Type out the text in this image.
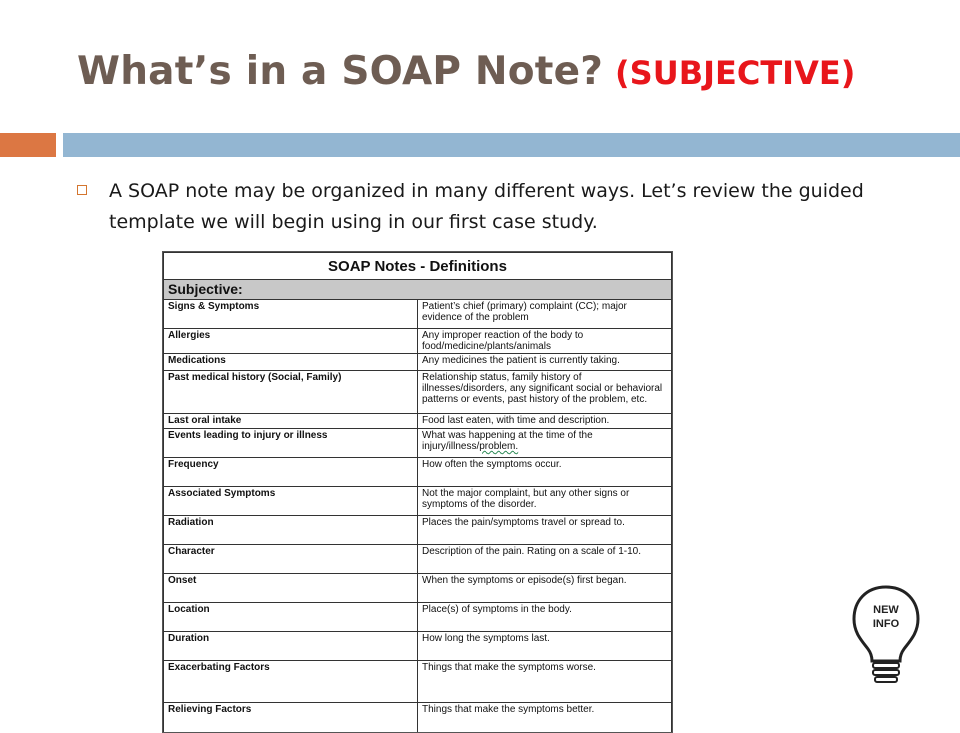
What’s in a SOAP Note? (SUBJECTIVE)
A SOAP note may be organized in many different ways. Let’s review the guided template we will begin using in our first case study.
SOAP Notes - Definitions	
Subjective:	
Signs & Symptoms	Patient’s chief (primary) complaint (CC); major evidence of the problem
Allergies	Any improper reaction of the body to food/medicine/plants/animals
Medications	Any medicines the patient is currently taking.
Past medical history (Social, Family)	Relationship status, family history of illnesses/disorders, any significant social or behavioral patterns or events, past history of the problem, etc.
Last oral intake	Food last eaten, with time and description.
Events leading to injury or illness	What was happening at the time of the injury/illness/problem.
Frequency	How often the symptoms occur.
Associated Symptoms	Not the major complaint, but any other signs or symptoms of the disorder.
Radiation	Places the pain/symptoms travel or spread to.
Character	Description of the pain. Rating on a scale of 1-10.
Onset	When the symptoms or episode(s) first began.
Location	Place(s) of symptoms in the body.
Duration	How long the symptoms last.
Exacerbating Factors	Things that make the symptoms worse.
Relieving Factors	Things that make the symptoms better.
NEW
INFO
